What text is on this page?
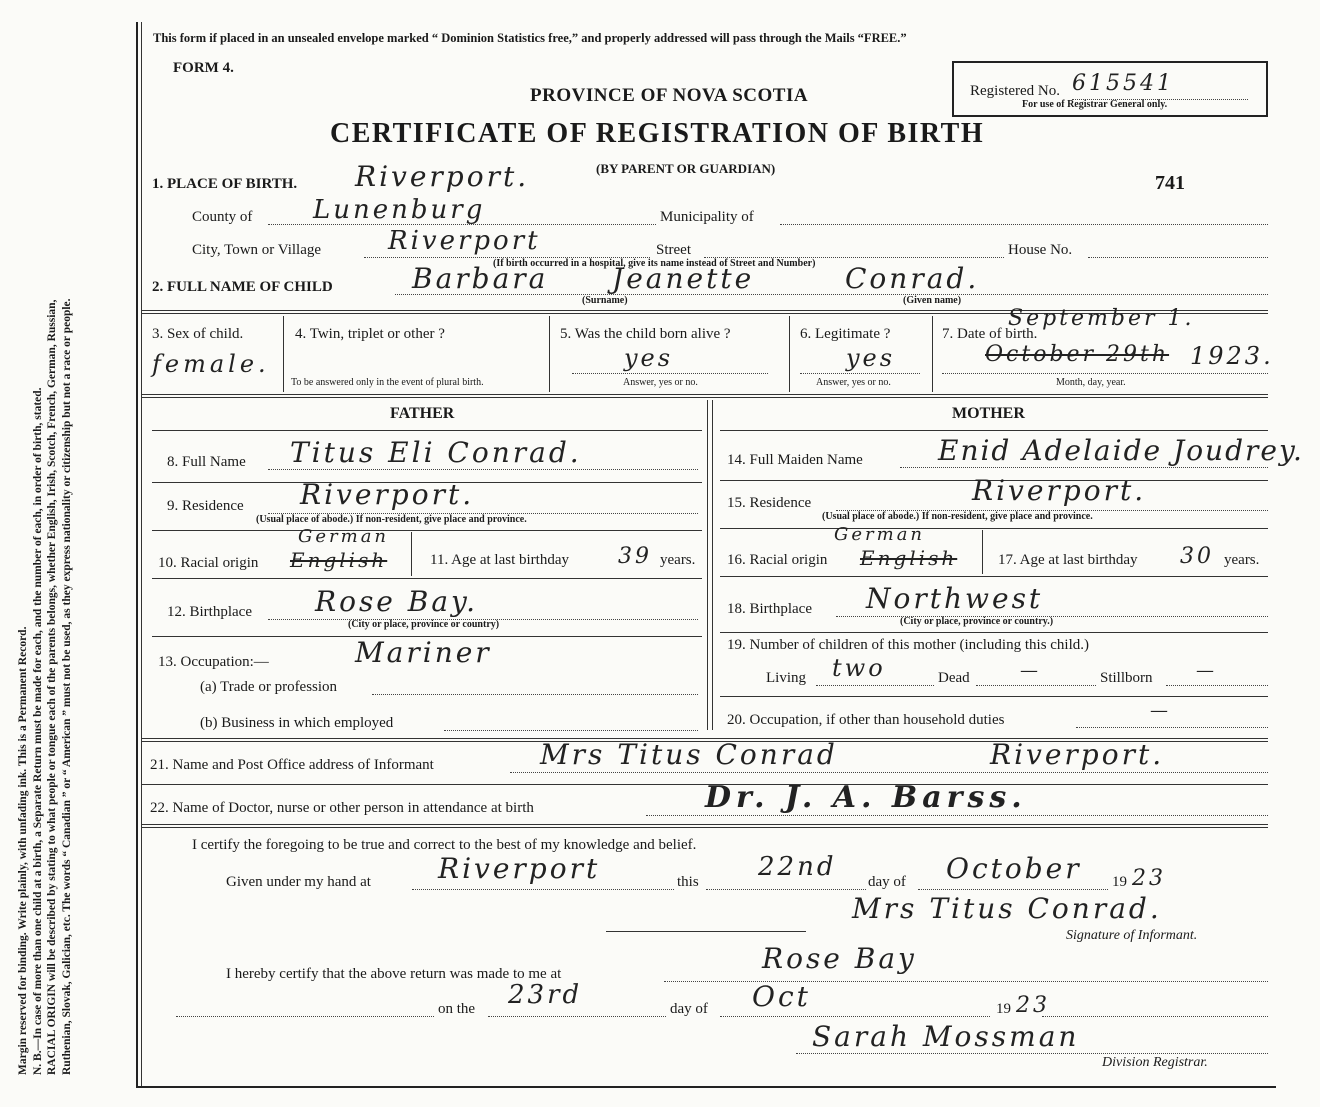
Margin reserved for binding. Write plainly, with unfading ink. This is a Permanent Record. N. B.—In case of more than one child at a birth, a Separate Return must be made for each, and the number of each, in order of birth, stated. RACIAL ORIGIN will be described by stating to what people or tongue each of the parents belongs, whether English, Irish, Scotch, French, German, Russian, Ruthenian, Slovak, Galician, etc. The words “ Canadian ” or “ American ” must not be used, as they express nationality or citizenship but not a race or people.
This form if placed in an unsealed envelope marked “ Dominion Statistics free,” and properly addressed will pass through the Mails “FREE.”
FORM 4.
PROVINCE OF NOVA SCOTIA
CERTIFICATE OF REGISTRATION OF BIRTH
(BY PARENT OR GUARDIAN)
Registered No. 615541
For use of Registrar General only.
741
1. PLACE OF BIRTH. Riverport.
County of Lunenburg	Municipality of
City, Town or Village	Riverport	Street	House No.
(If birth occurred in a hospital, give its name instead of Street and Number)
2. FULL NAME OF CHILD	Barbara Jeanette	Conrad.
(Surname)	(Given name)
3. Sex of child.
female.
4. Twin, triplet or other ?
To be answered only in the event of plural birth.
5. Was the child born alive ?
yes
Answer, yes or no.
6. Legitimate ?
yes
Answer, yes or no.
7. Date of birth.
September 1.
October 29th 1923.
Month, day, year.
FATHER	MOTHER
8. Full Name Titus Eli Conrad.
9. Residence Riverport.
(Usual place of abode.) If non-resident, give place and province.
10. Racial origin
German
English	11. Age at last birthday 39 years.
12. Birthplace Rose Bay.
(City or place, province or country)
13. Occupation:—	Mariner
(a) Trade or profession
(b) Business in which employed
14. Full Maiden Name	Enid Adelaide Joudrey.
15. Residence	Riverport.
(Usual place of abode.) If non-resident, give place and province.
16. Racial origin
German
English	17. Age at last birthday 30 years.
18. Birthplace Northwest
(City or place, province or country.)
19. Number of children of this mother (including this child.)
Living two	Dead	—	Stillborn —
20. Occupation, if other than household duties	—
21. Name and Post Office address of Informant	Mrs Titus Conrad	Riverport.
22. Name of Doctor, nurse or other person in attendance at birth	Dr. J. A. Barss.
I certify the foregoing to be true and correct to the best of my knowledge and belief.
Given under my hand at Riverport	this 22nd day of October 19 23
Mrs Titus Conrad.
Signature of Informant.
I hereby certify that the above return was made to me at	Rose Bay
on the 23rd	day of Oct	19 23
Sarah Mossman
Division Registrar.
